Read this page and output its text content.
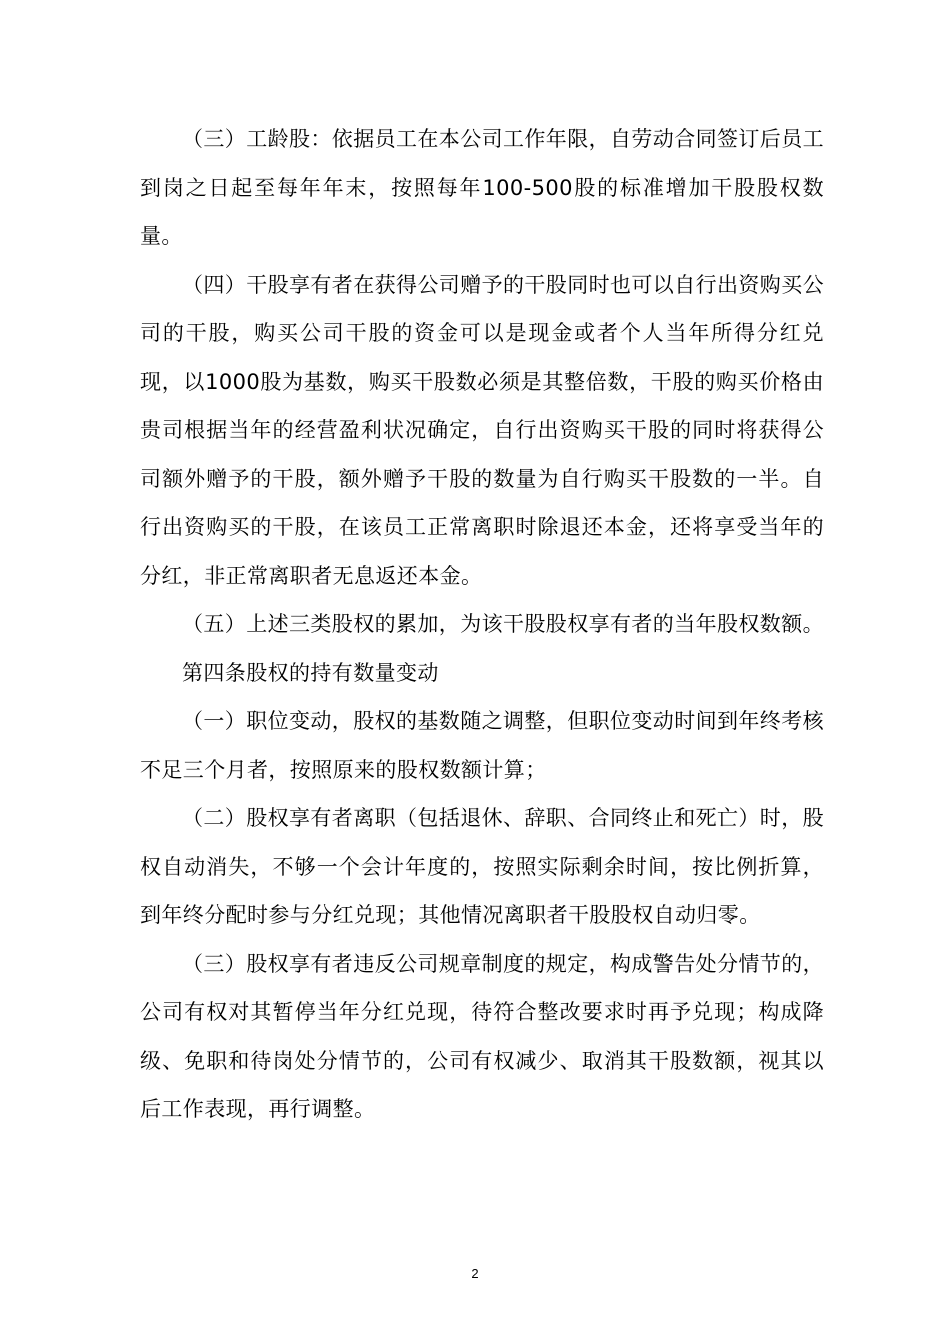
（三）工龄股：依据员工在本公司工作年限，自劳动合同签订后员工到岗之日起至每年年末，按照每年100-500股的标准增加干股股权数量。

（四）干股享有者在获得公司赠予的干股同时也可以自行出资购买公司的干股，购买公司干股的资金可以是现金或者个人当年所得分红兑现，以1000股为基数，购买干股数必须是其整倍数，干股的购买价格由贵司根据当年的经营盈利状况确定，自行出资购买干股的同时将获得公司额外赠予的干股，额外赠予干股的数量为自行购买干股数的一半。自行出资购买的干股，在该员工正常离职时除退还本金，还将享受当年的分红，非正常离职者无息返还本金。

（五）上述三类股权的累加，为该干股股权享有者的当年股权数额。

第四条股权的持有数量变动

（一）职位变动，股权的基数随之调整，但职位变动时间到年终考核不足三个月者，按照原来的股权数额计算；

（二）股权享有者离职（包括退休、辞职、合同终止和死亡）时，股权自动消失，不够一个会计年度的，按照实际剩余时间，按比例折算，到年终分配时参与分红兑现；其他情况离职者干股股权自动归零。

（三）股权享有者违反公司规章制度的规定，构成警告处分情节的，公司有权对其暂停当年分红兑现，待符合整改要求时再予兑现；构成降级、免职和待岗处分情节的，公司有权减少、取消其干股数额，视其以后工作表现，再行调整。

2
